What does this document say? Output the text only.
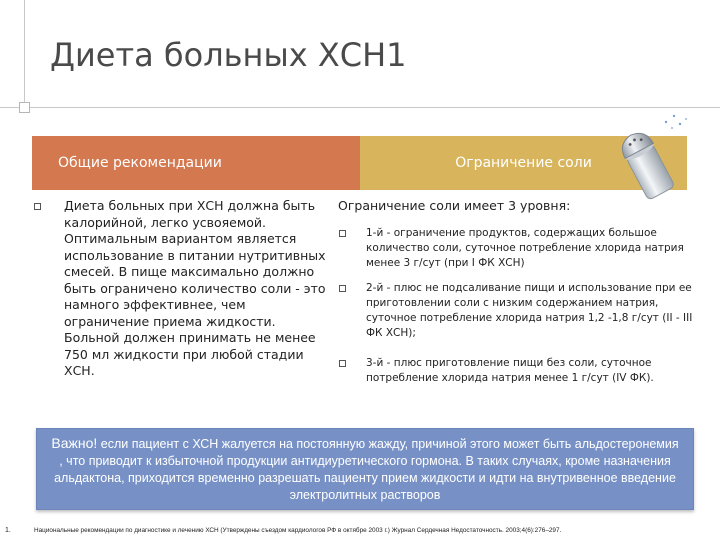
Диета больных ХСН1
Общие рекомендации	Ограничение соли

Диета больных при ХСН должна быть калорийной, легко усвояемой. Оптимальным вариантом является использование в питании нутритивных смесей. В пище максимально должно быть ограничено количество соли - это намного эффективнее, чем ограничение приема жидкости. Больной должен принимать не менее 750 мл жидкости при любой стадии ХСН.

Ограничение соли имеет 3 уровня:

1-й - ограничение продуктов, содержащих большое количество соли, суточное потребление хлорида натрия менее 3 г/сут (при I ФК ХСН)

2-й - плюс не подсаливание пищи и использование при ее приготовлении соли с низким содержанием натрия, суточное потребление хлорида натрия 1,2 -1,8 г/сут (II - III ФК ХСН);

3-й - плюс приготовление пищи без соли, суточное потребление хлорида натрия менее 1 г/сут (IV ФК).

Важно! если пациент с ХСН жалуется на постоянную жажду, причиной этого может быть альдостеронемия , что приводит к избыточной продукции антидиуретического гормона. В таких случаях, кроме назначения альдактона, приходится временно разрешать пациенту прием жидкости и идти на внутривенное введение электролитных растворов
1.	Национальные рекомендации по диагностике и лечению ХСН (Утверждены съездом кардиологов РФ в октябре 2003 г.) Журнал Сердечная Недостаточность. 2003;4(6):276–297.
